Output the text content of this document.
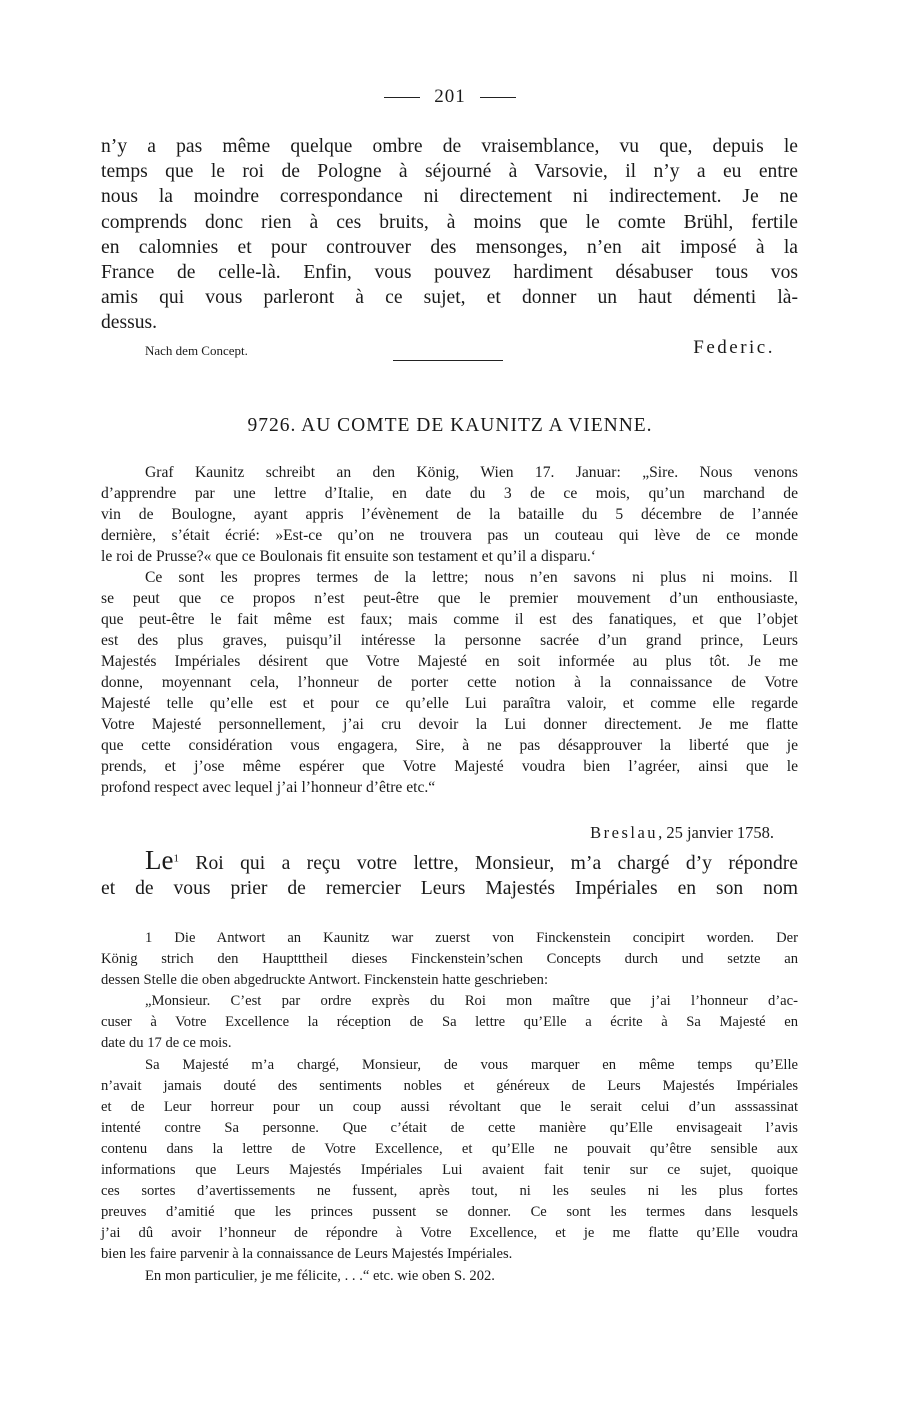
201
n’y a pas même quelque ombre de vraisemblance, vu que, depuis le
temps que le roi de Pologne à séjourné à Varsovie, il n’y a eu entre
nous la moindre correspondance ni directement ni indirectement. Je ne
comprends donc rien à ces bruits, à moins que le comte Brühl, fertile
en calomnies et pour controuver des mensonges, n’en ait imposé à la
France de celle-là. Enfin, vous pouvez hardiment désabuser tous vos
amis qui vous parleront à ce sujet, et donner un haut démenti là-
dessus.
Nach dem Concept.	Federic.
9726. AU COMTE DE KAUNITZ A VIENNE.
Graf Kaunitz schreibt an den König, Wien 17. Januar: „Sire. Nous venons
d’apprendre par une lettre d’Italie, en date du 3 de ce mois, qu’un marchand de
vin de Boulogne, ayant appris l’évènement de la bataille du 5 décembre de l’année
dernière, s’était écrié: »Est-ce qu’on ne trouvera pas un couteau qui lève de ce monde
le roi de Prusse?« que ce Boulonais fit ensuite son testament et qu’il a disparu.‘
Ce sont les propres termes de la lettre; nous n’en savons ni plus ni moins. Il
se peut que ce propos n’est peut-être que le premier mouvement d’un enthousiaste,
que peut-être le fait même est faux; mais comme il est des fanatiques, et que l’objet
est des plus graves, puisqu’il intéresse la personne sacrée d’un grand prince, Leurs
Majestés Impériales désirent que Votre Majesté en soit informée au plus tôt. Je me
donne, moyennant cela, l’honneur de porter cette notion à la connaissance de Votre
Majesté telle qu’elle est et pour ce qu’elle Lui paraîtra valoir, et comme elle regarde
Votre Majesté personnellement, j’ai cru devoir la Lui donner directement. Je me flatte
que cette considération vous engagera, Sire, à ne pas désapprouver la liberté que je
prends, et j’ose même espérer que Votre Majesté voudra bien l’agréer, ainsi que le
profond respect avec lequel j’ai l’honneur d’être etc.“
Breslau, 25 janvier 1758.
Le$^1$ Roi qui a reçu votre lettre, Monsieur, m’a chargé d’y répondre
et de vous prier de remercier Leurs Majestés Impériales en son nom
1 Die Antwort an Kaunitz war zuerst von Finckenstein concipirt worden. Der
König strich den Hauptttheil dieses Finckenstein’schen Concepts durch und setzte an
dessen Stelle die oben abgedruckte Antwort. Finckenstein hatte geschrieben:
„Monsieur. C’est par ordre exprès du Roi mon maître que j’ai l’honneur d’ac-
cuser à Votre Excellence la réception de Sa lettre qu’Elle a écrite à Sa Majesté en
date du 17 de ce mois.
Sa Majesté m’a chargé, Monsieur, de vous marquer en même temps qu’Elle
n’avait jamais douté des sentiments nobles et généreux de Leurs Majestés Impériales
et de Leur horreur pour un coup aussi révoltant que le serait celui d’un asssassinat
intenté contre Sa personne. Que c’était de cette manière qu’Elle envisageait l’avis
contenu dans la lettre de Votre Excellence, et qu’Elle ne pouvait qu’être sensible aux
informations que Leurs Majestés Impériales Lui avaient fait tenir sur ce sujet, quoique
ces sortes d’avertissements ne fussent, après tout, ni les seules ni les plus fortes
preuves d’amitié que les princes pussent se donner. Ce sont les termes dans lesquels
j’ai dû avoir l’honneur de répondre à Votre Excellence, et je me flatte qu’Elle voudra
bien les faire parvenir à la connaissance de Leurs Majestés Impériales.
En mon particulier, je me félicite, . . .“ etc. wie oben S. 202.
